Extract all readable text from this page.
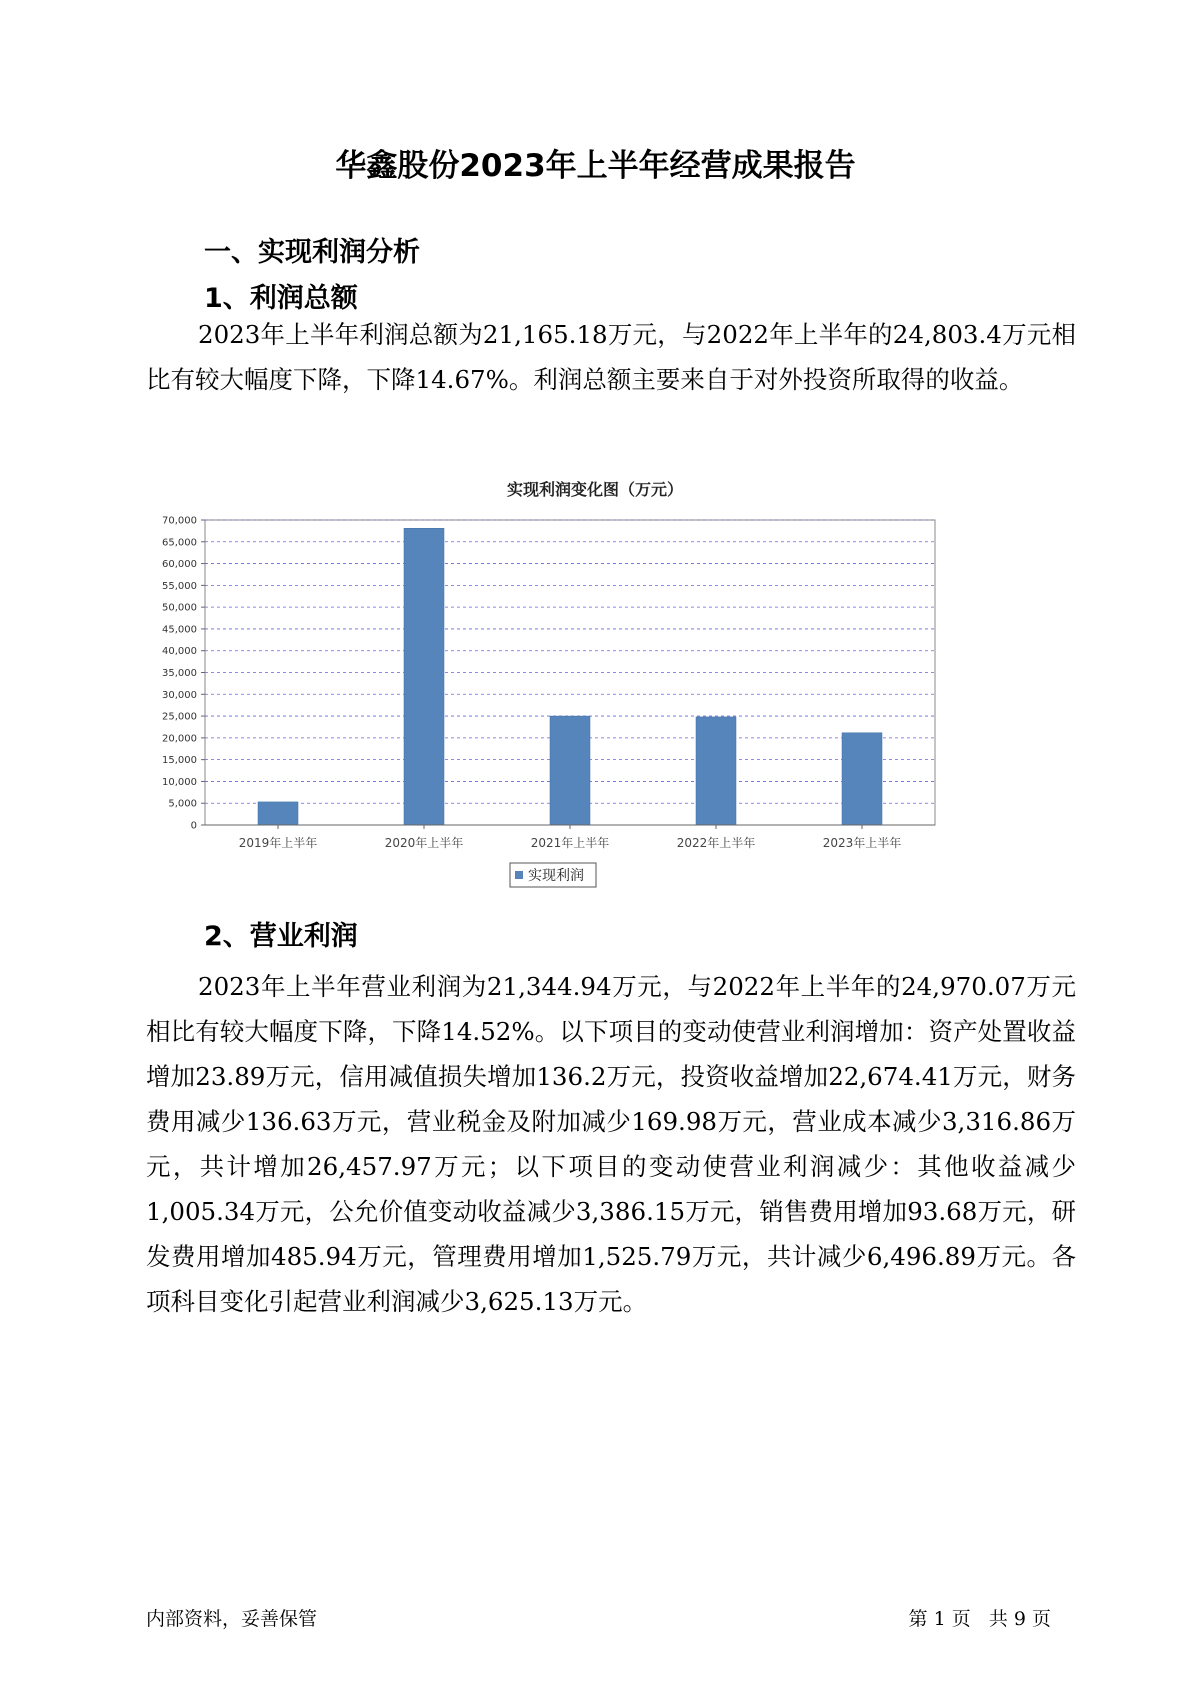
华鑫股份2023年上半年经营成果报告
一、实现利润分析
1、利润总额
2023年上半年利润总额为21,165.18万元，与2022年上半年的24,803.4万元相比有较大幅度下降，下降14.67%。利润总额主要来自于对外投资所取得的收益。
实现利润变化图（万元）
0
5,000
10,000
15,000
20,000
25,000
30,000
35,000
40,000
45,000
50,000
55,000
60,000
65,000
70,000
2019年上半年	2020年上半年	2021年上半年	2022年上半年	2023年上半年
实现利润
2、营业利润
2023年上半年营业利润为21,344.94万元，与2022年上半年的24,970.07万元相比有较大幅度下降，下降14.52%。以下项目的变动使营业利润增加：资产处置收益增加23.89万元，信用减值损失增加136.2万元，投资收益增加22,674.41万元，财务费用减少136.63万元，营业税金及附加减少169.98万元，营业成本减少3,316.86万元，共计增加26,457.97万元；以下项目的变动使营业利润减少：其他收益减少1,005.34万元，公允价值变动收益减少3,386.15万元，销售费用增加93.68万元，研发费用增加485.94万元，管理费用增加1,525.79万元，共计减少6,496.89万元。各项科目变化引起营业利润减少3,625.13万元。
内部资料，妥善保管	第 1 页   共 9 页
